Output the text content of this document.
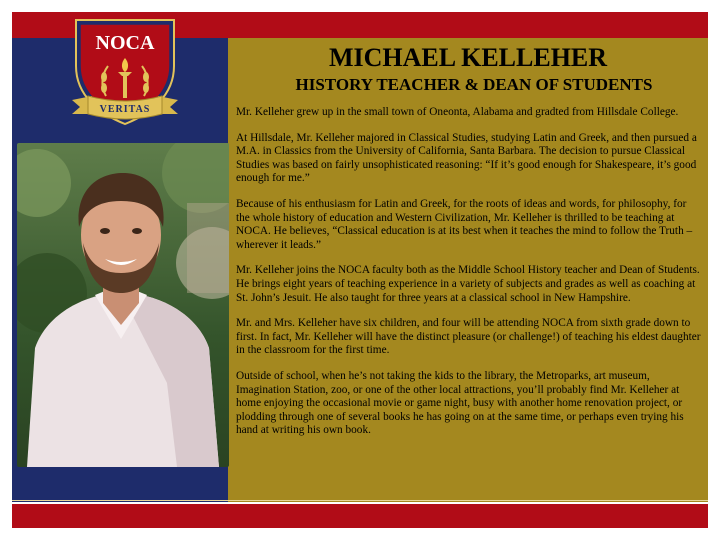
NOCA
VERITAS
MICHAEL KELLEHER
HISTORY TEACHER & DEAN OF STUDENTS

Mr. Kelleher grew up in the small town of Oneonta, Alabama and gradted from Hillsdale College.

At Hillsdale, Mr. Kelleher majored in Classical Studies, studying Latin and Greek, and then pursued a M.A. in Classics from the University of California, Santa Barbara. The decision to pursue Classical Studies was based on fairly unsophisticated reasoning: “If it’s good enough for Shakespeare, it’s good enough for me.”

Because of his enthusiasm for Latin and Greek, for the roots of ideas and words, for philosophy, for the whole history of education and Western Civilization, Mr. Kelleher is thrilled to be teaching at NOCA. He believes, “Classical education is at its best when it teaches the mind to follow the Truth – wherever it leads.”

Mr. Kelleher joins the NOCA faculty both as the Middle School History teacher and Dean of Students. He brings eight years of teaching experience in a variety of subjects and grades as well as coaching at St. John’s Jesuit. He also taught for three years at a classical school in New Hampshire.

Mr. and Mrs. Kelleher have six children, and four will be attending NOCA from sixth grade down to first. In fact, Mr. Kelleher will have the distinct pleasure (or challenge!) of teaching his eldest daughter in the classroom for the first time.

Outside of school, when he’s not taking the kids to the library, the Metroparks, art museum, Imagination Station, zoo, or one of the other local attractions, you’ll probably find Mr. Kelleher at home enjoying the occasional movie or game night, busy with another home renovation project, or plodding through one of several books he has going on at the same time, or perhaps even trying his hand at writing his own book.
